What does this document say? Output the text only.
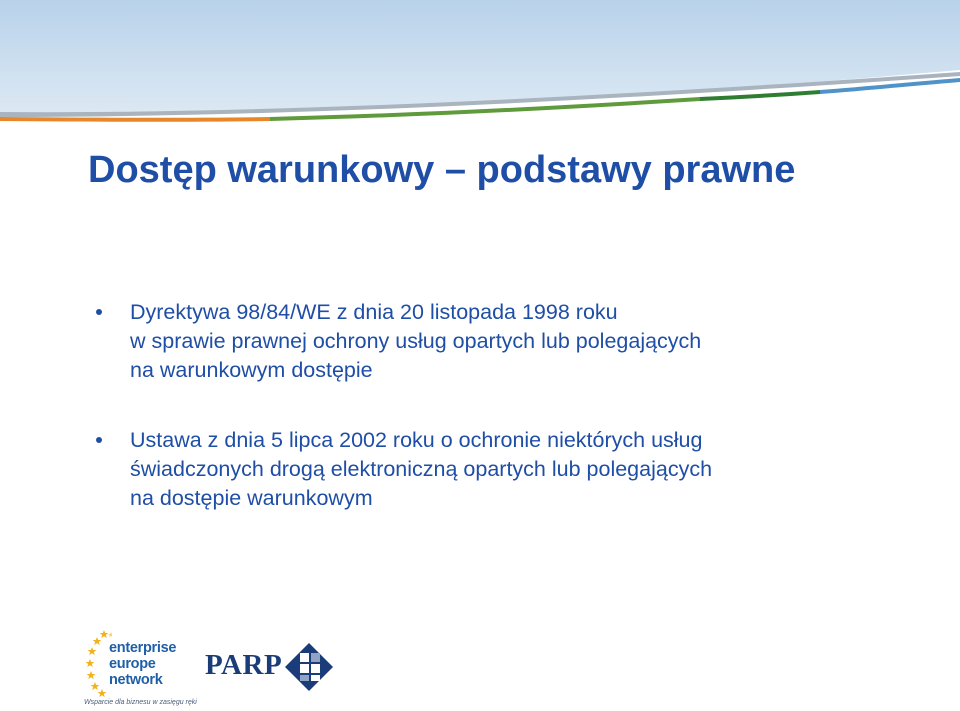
Dostęp warunkowy – podstawy prawne
Dyrektywa 98/84/WE z dnia 20 listopada 1998 roku
w sprawie prawnej ochrony usług opartych lub polegających
na warunkowym dostępie
Ustawa z dnia 5 lipca 2002 roku o ochronie niektórych usług
świadczonych drogą elektroniczną opartych lub polegających
na dostępie warunkowym
enterprise
europe
network
Wsparcie dla biznesu w zasięgu ręki
PARP
